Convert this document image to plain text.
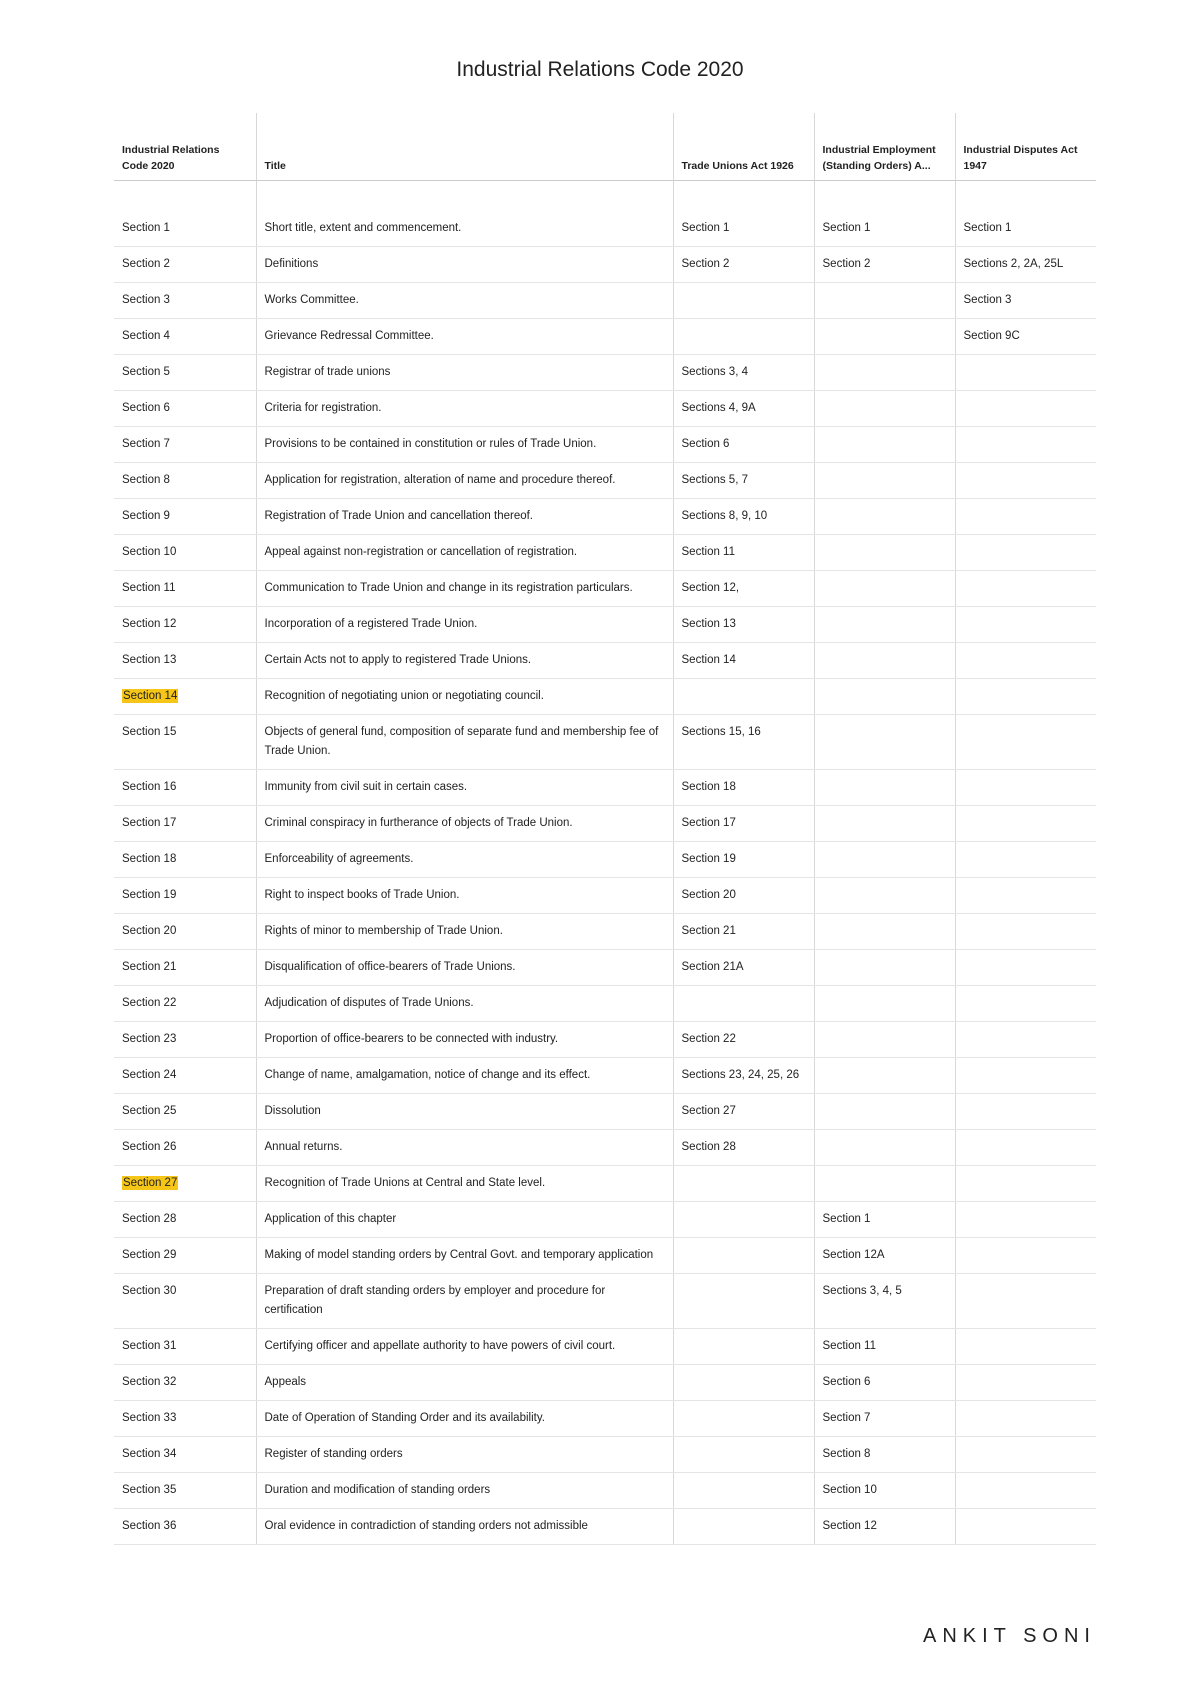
Industrial Relations Code 2020
Industrial Relations Code 2020	Title	Trade Unions Act 1926	Industrial Employment (Standing Orders) A...	Industrial Disputes Act 1947

Section 1	Short title, extent and commencement.	Section 1	Section 1	Section 1
Section 2	Definitions	Section 2	Section 2	Sections 2, 2A, 25L
Section 3	Works Committee.			Section 3
Section 4	Grievance Redressal Committee.			Section 9C
Section 5	Registrar of trade unions	Sections 3, 4		
Section 6	Criteria for registration.	Sections 4, 9A		
Section 7	Provisions to be contained in constitution or rules of Trade Union.	Section 6		
Section 8	Application for registration, alteration of name and procedure thereof.	Sections 5, 7		
Section 9	Registration of Trade Union and cancellation thereof.	Sections 8, 9, 10		
Section 10	Appeal against non-registration or cancellation of registration.	Section 11		
Section 11	Communication to Trade Union and change in its registration particulars.	Section 12,		
Section 12	Incorporation of a registered Trade Union.	Section 13		
Section 13	Certain Acts not to apply to registered Trade Unions.	Section 14		
Section 14	Recognition of negotiating union or negotiating council.			
Section 15	Objects of general fund, composition of separate fund and membership fee of Trade Union.	Sections 15, 16		
Section 16	Immunity from civil suit in certain cases.	Section 18		
Section 17	Criminal conspiracy in furtherance of objects of Trade Union.	Section 17		
Section 18	Enforceability of agreements.	Section 19		
Section 19	Right to inspect books of Trade Union.	Section 20		
Section 20	Rights of minor to membership of Trade Union.	Section 21		
Section 21	Disqualification of office-bearers of Trade Unions.	Section 21A		
Section 22	Adjudication of disputes of Trade Unions.			
Section 23	Proportion of office-bearers to be connected with industry.	Section 22		
Section 24	Change of name, amalgamation, notice of change and its effect.	Sections 23, 24, 25, 26		
Section 25	Dissolution	Section 27		
Section 26	Annual returns.	Section 28		
Section 27	Recognition of Trade Unions at Central and State level.			
Section 28	Application of this chapter		Section 1	
Section 29	Making of model standing orders by Central Govt. and temporary application		Section 12A	
Section 30	Preparation of draft standing orders by employer and procedure for certification		Sections 3, 4, 5	
Section 31	Certifying officer and appellate authority to have powers of civil court.		Section 11	
Section 32	Appeals		Section 6	
Section 33	Date of Operation of Standing Order and its availability.		Section 7	
Section 34	Register of standing orders		Section 8	
Section 35	Duration and modification of standing orders		Section 10	
Section 36	Oral evidence in contradiction of standing orders not admissible		Section 12	
ANKIT SONI
